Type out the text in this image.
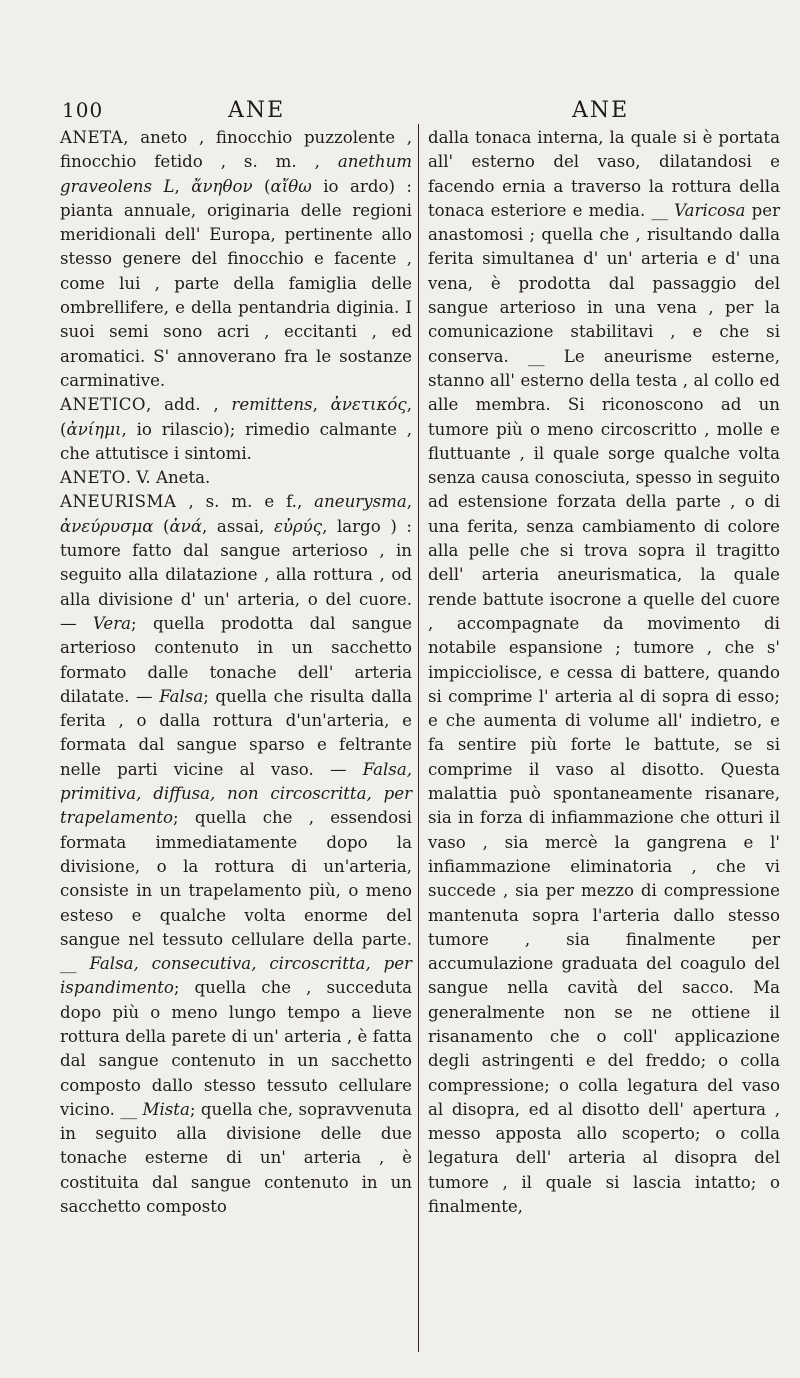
100	ANE	ANE

ANETA, aneto , finocchio puzzolente , finocchio fetido , s. m. , anethum graveolens L, ἄνηθον (αἴθω io ardo) : pianta annuale, originaria delle regioni meridionali dell' Europa, pertinente allo stesso genere del finocchio e facente , come lui , parte della famiglia delle ombrellifere, e della pentandria diginia. I suoi semi sono acri , eccitanti , ed aromatici. S' annoverano fra le sostanze carminative.

ANETICO, add. , remittens, ἀνετικός, (ἀνίημι, io rilascio); rimedio calmante , che attutisce i sintomi.

ANETO. V. Aneta.

ANEURISMA , s. m. e f., aneurysma, ἀνεύρυσμα (ἀνά, assai, εὐρύς, largo ) : tumore fatto dal sangue arterioso , in seguito alla dilatazione , alla rottura , od alla divisione d' un' arteria, o del cuore. — Vera; quella prodotta dal sangue arterioso contenuto in un sacchetto formato dalle tonache dell' arteria dilatate. — Falsa; quella che risulta dalla ferita , o dalla rottura d'un'arteria, e formata dal sangue sparso e feltrante nelle parti vicine al vaso. — Falsa, primitiva, diffusa, non circoscritta, per trapelamento; quella che , essendosi formata immediatamente dopo la divisione, o la rottura di un'arteria, consiste in un trapelamento più, o meno esteso e qualche volta enorme del sangue nel tessuto cellulare della parte. __ Falsa, consecutiva, circoscritta, per ispandimento; quella che , succeduta dopo più o meno lungo tempo a lieve rottura della parete di un' arteria , è fatta dal sangue contenuto in un sacchetto composto dallo stesso tessuto cellulare vicino. __ Mista; quella che, sopravvenuta in seguito alla divisione delle due tonache esterne di un' arteria , è costituita dal sangue contenuto in un sacchetto composto

dalla tonaca interna, la quale si è portata all' esterno del vaso, dilatandosi e facendo ernia a traverso la rottura della tonaca esteriore e media. __ Varicosa per anastomosi ; quella che , risultando dalla ferita simultanea d' un' arteria e d' una vena, è prodotta dal passaggio del sangue arterioso in una vena , per la comunicazione stabilitavi , e che si conserva. __ Le aneurisme esterne, stanno all' esterno della testa , al collo ed alle membra. Si riconoscono ad un tumore più o meno circoscritto , molle e fluttuante , il quale sorge qualche volta senza causa conosciuta, spesso in seguito ad estensione forzata della parte , o di una ferita, senza cambiamento di colore alla pelle che si trova sopra il tragitto dell' arteria aneurismatica, la quale rende battute isocrone a quelle del cuore , accompagnate da movimento di notabile espansione ; tumore , che s' impicciolisce, e cessa di battere, quando si comprime l' arteria al di sopra di esso; e che aumenta di volume all' indietro, e fa sentire più forte le battute, se si comprime il vaso al disotto. Questa malattia può spontaneamente risanare, sia in forza di infiammazione che otturi il vaso , sia mercè la gangrena e l' infiammazione eliminatoria , che vi succede , sia per mezzo di compressione mantenuta sopra l'arteria dallo stesso tumore , sia finalmente per accumulazione graduata del coagulo del sangue nella cavità del sacco. Ma generalmente non se ne ottiene il risanamento che o coll' applicazione degli astringenti e del freddo; o colla compressione; o colla legatura del vaso al disopra, ed al disotto dell' apertura , messo apposta allo scoperto; o colla legatura dell' arteria al disopra del tumore , il quale si lascia intatto; o finalmente,
